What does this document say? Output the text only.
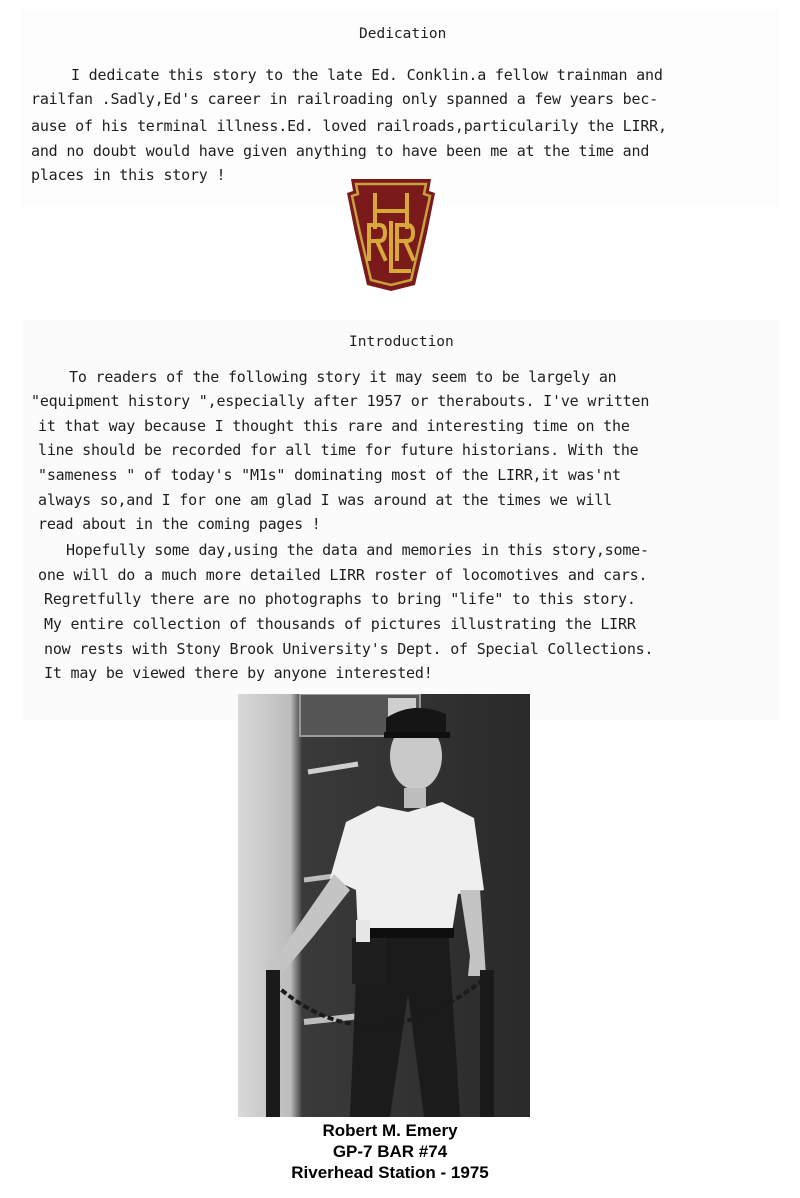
Dedication
I dedicate this story to the late Ed. Conklin.a fellow trainman and
railfan .Sadly,Ed's career in railroading only spanned a few years bec-
ause of his terminal illness.Ed. loved railroads,particularily the LIRR,
and no doubt would have given anything to have been me at the time and
places in this story !
Introduction
To readers of the following story it may seem to be largely an
"equipment history ",especially after 1957 or therabouts. I've written
it that way because I thought this rare and interesting time on the
line should be recorded for all time for future historians. With the
"sameness " of today's "M1s" dominating most of the LIRR,it was'nt
always so,and I for one am glad I was around at the times we will
read about in the coming pages !
Hopefully some day,using the data and memories in this story,some-
one will do a much more detailed LIRR roster of locomotives and cars.
Regretfully there are no photographs to bring "life" to this story.
My entire collection of thousands of pictures illustrating the LIRR
now rests with Stony Brook University's Dept. of Special Collections.
It may be viewed there by anyone interested!
Robert M. Emery
GP-7 BAR #74
Riverhead Station - 1975
